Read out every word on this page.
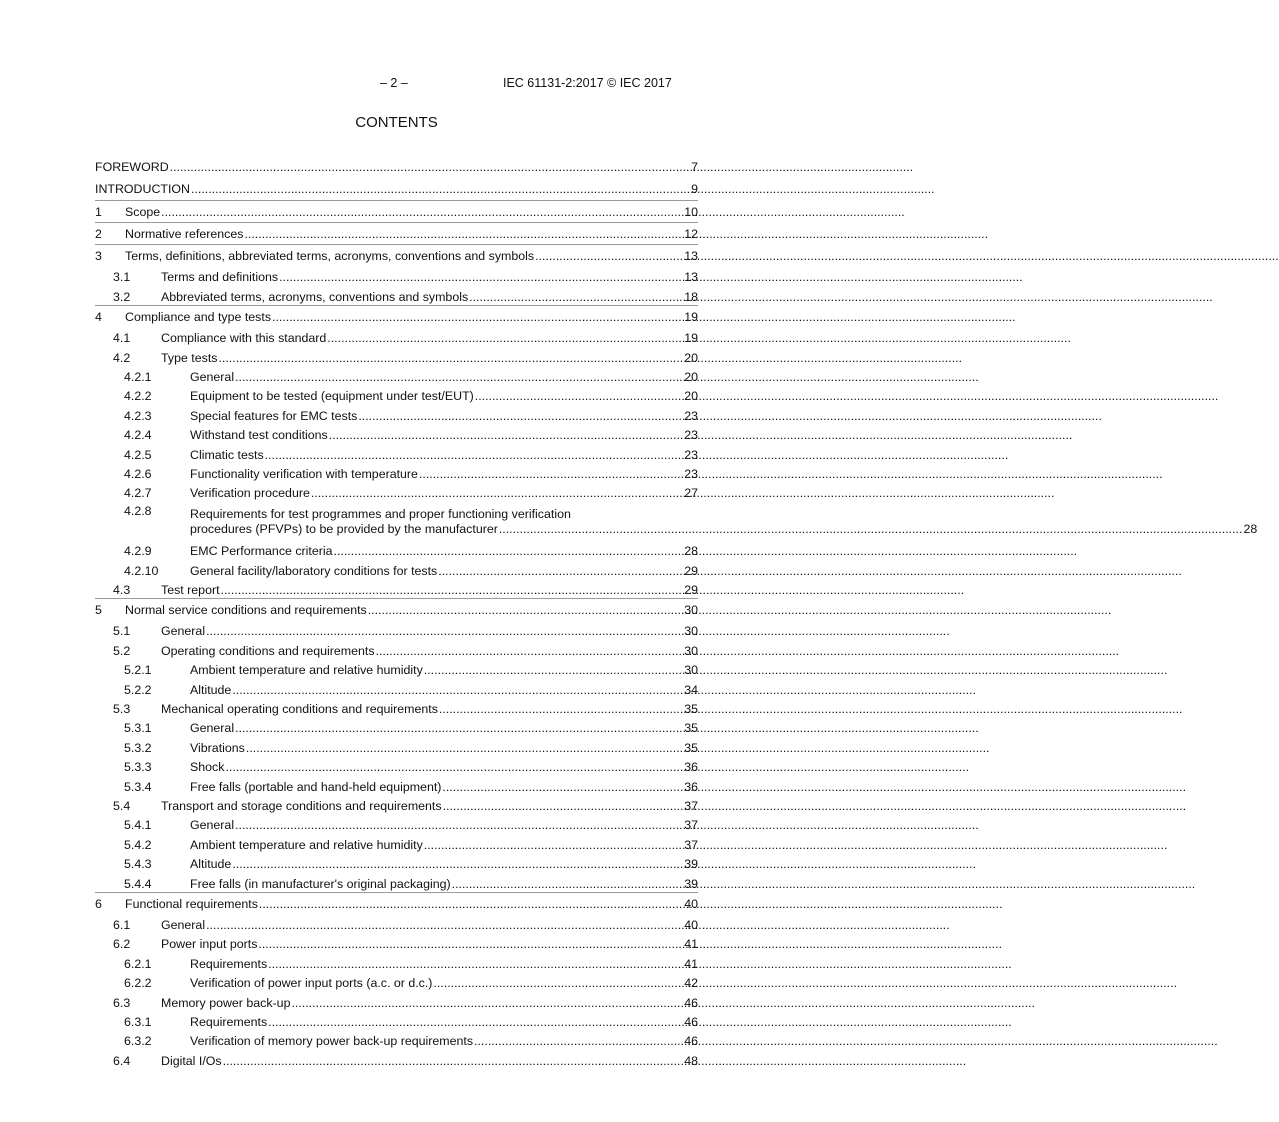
– 2 –	IEC 61131-2:2017 © IEC 2017
CONTENTS
FOREWORD .....	7
INTRODUCTION .....	9
1	Scope .....	10
2	Normative references .....	12
3	Terms, definitions, abbreviated terms, acronyms, conventions and symbols .....	13
3.1	Terms and definitions .....	13
3.2	Abbreviated terms, acronyms, conventions and symbols .....	18
4	Compliance and type tests .....	19
4.1	Compliance with this standard .....	19
4.2	Type tests .....	20
4.2.1	General .....	20
4.2.2	Equipment to be tested (equipment under test/EUT) .....	20
4.2.3	Special features for EMC tests .....	23
4.2.4	Withstand test conditions .....	23
4.2.5	Climatic tests .....	23
4.2.6	Functionality verification with temperature .....	23
4.2.7	Verification procedure .....	27
4.2.8	Requirements for test programmes and proper functioning verification
procedures (PFVPs) to be provided by the manufacturer .....	28
4.2.9	EMC Performance criteria .....	28
4.2.10	General facility/laboratory conditions for tests .....	29
4.3	Test report .....	29
5	Normal service conditions and requirements .....	30
5.1	General .....	30
5.2	Operating conditions and requirements .....	30
5.2.1	Ambient temperature and relative humidity .....	30
5.2.2	Altitude .....	34
5.3	Mechanical operating conditions and requirements .....	35
5.3.1	General .....	35
5.3.2	Vibrations .....	35
5.3.3	Shock .....	36
5.3.4	Free falls (portable and hand-held equipment) .....	36
5.4	Transport and storage conditions and requirements .....	37
5.4.1	General .....	37
5.4.2	Ambient temperature and relative humidity .....	37
5.4.3	Altitude .....	39
5.4.4	Free falls (in manufacturer's original packaging) .....	39
6	Functional requirements .....	40
6.1	General .....	40
6.2	Power input ports .....	41
6.2.1	Requirements .....	41
6.2.2	Verification of power input ports (a.c. or d.c.) .....	42
6.3	Memory power back-up .....	46
6.3.1	Requirements .....	46
6.3.2	Verification of memory power back-up requirements .....	46
6.4	Digital I/Os .....	48
